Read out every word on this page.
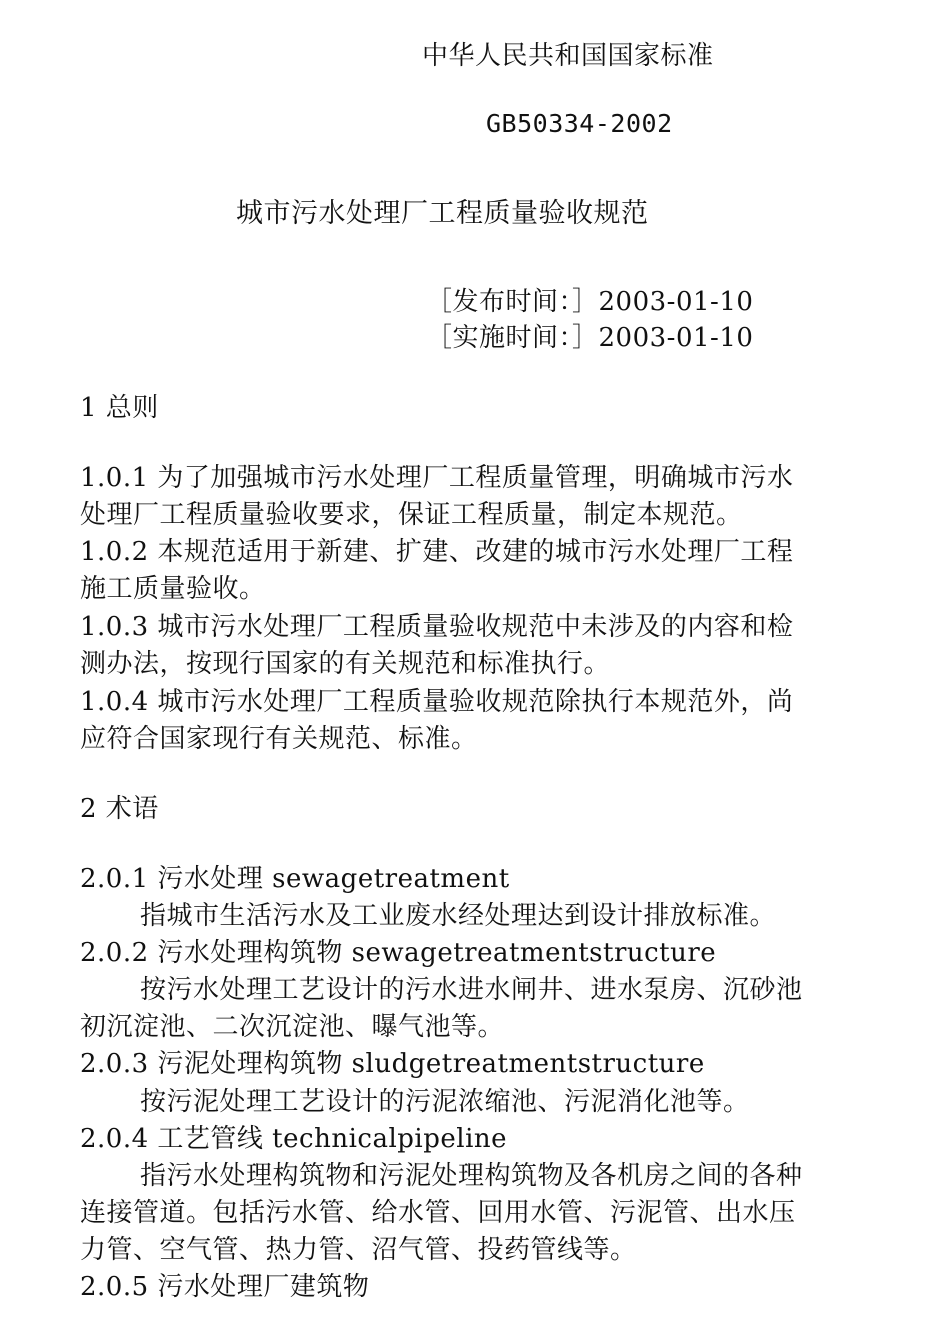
中华人民共和国国家标准
GB50334-2002
城市污水处理厂工程质量验收规范
［发布时间：］2003-01-10
［实施时间：］2003-01-10
1 总则
1.0.1 为了加强城市污水处理厂工程质量管理，明确城市污水
处理厂工程质量验收要求，保证工程质量，制定本规范。
1.0.2 本规范适用于新建、扩建、改建的城市污水处理厂工程
施工质量验收。
1.0.3 城市污水处理厂工程质量验收规范中未涉及的内容和检
测办法，按现行国家的有关规范和标准执行。
1.0.4 城市污水处理厂工程质量验收规范除执行本规范外，尚
应符合国家现行有关规范、标准。
2 术语
2.0.1 污水处理 sewagetreatment
指城市生活污水及工业废水经处理达到设计排放标准。
2.0.2 污水处理构筑物 sewagetreatmentstructure
按污水处理工艺设计的污水进水闸井、进水泵房、沉砂池
初沉淀池、二次沉淀池、曝气池等。
2.0.3 污泥处理构筑物 sludgetreatmentstructure
按污泥处理工艺设计的污泥浓缩池、污泥消化池等。
2.0.4 工艺管线 technicalpipeline
指污水处理构筑物和污泥处理构筑物及各机房之间的各种
连接管道。包括污水管、给水管、回用水管、污泥管、出水压
力管、空气管、热力管、沼气管、投药管线等。
2.0.5 污水处理厂建筑物
